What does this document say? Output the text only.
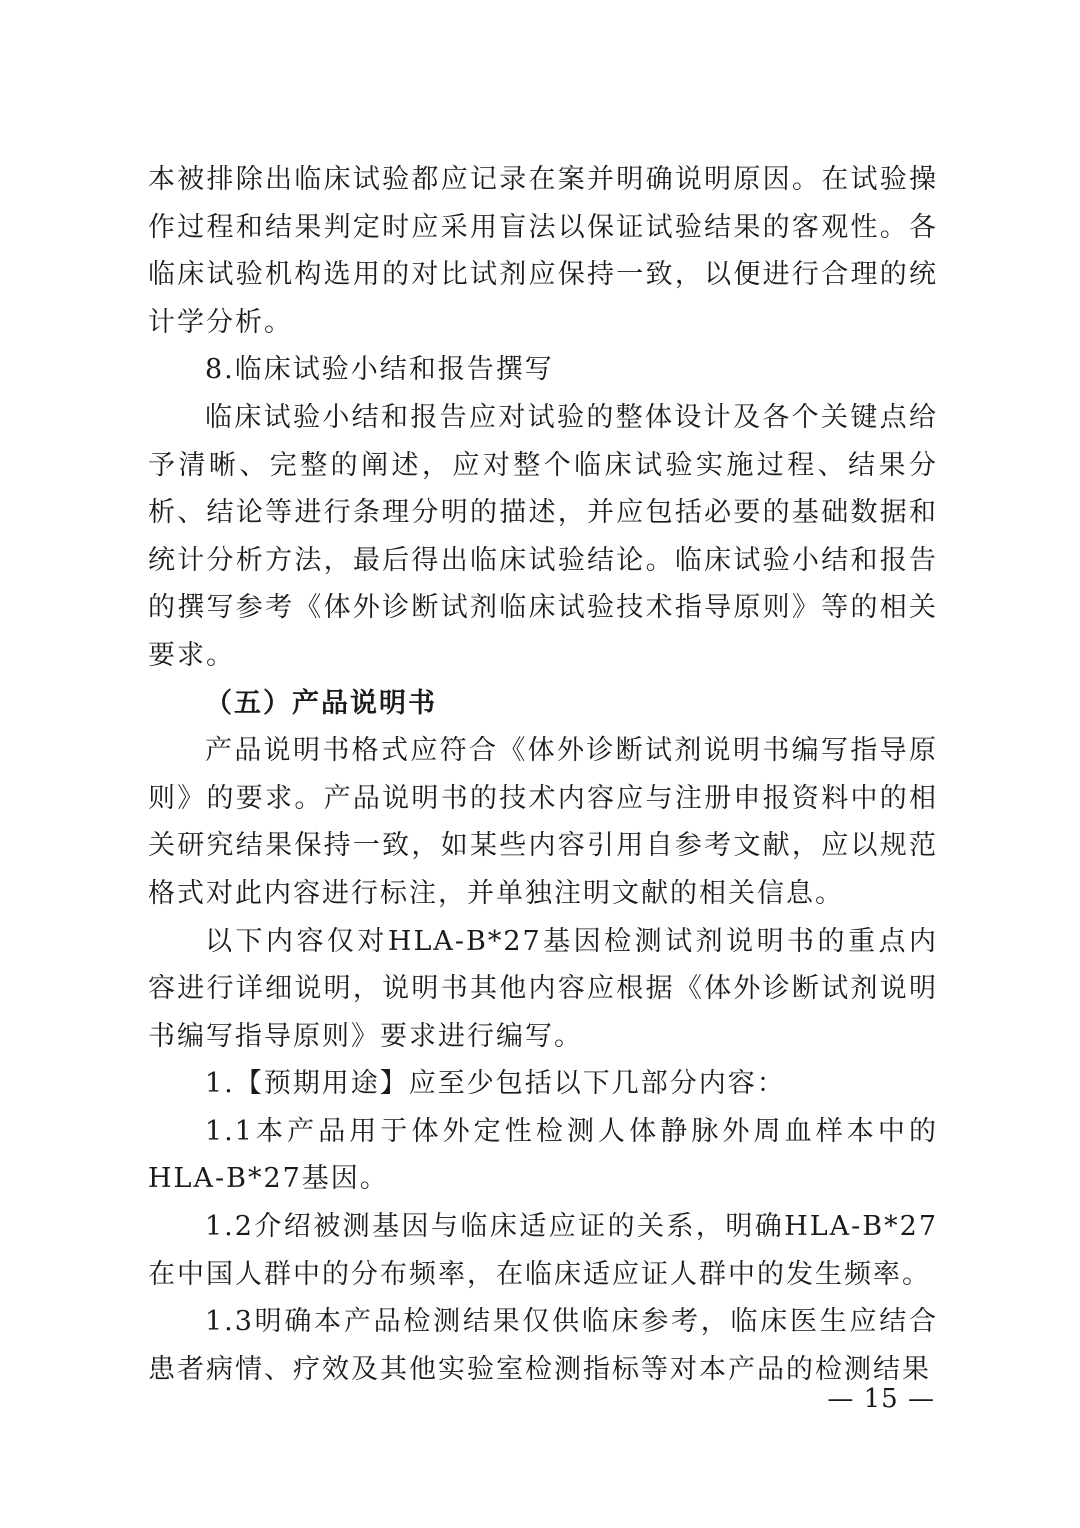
本被排除出临床试验都应记录在案并明确说明原因。在试验操作过程和结果判定时应采用盲法以保证试验结果的客观性。各临床试验机构选用的对比试剂应保持一致，以便进行合理的统计学分析。

8.临床试验小结和报告撰写

临床试验小结和报告应对试验的整体设计及各个关键点给予清晰、完整的阐述，应对整个临床试验实施过程、结果分析、结论等进行条理分明的描述，并应包括必要的基础数据和统计分析方法，最后得出临床试验结论。临床试验小结和报告的撰写参考《体外诊断试剂临床试验技术指导原则》等的相关要求。

（五）产品说明书

产品说明书格式应符合《体外诊断试剂说明书编写指导原则》的要求。产品说明书的技术内容应与注册申报资料中的相关研究结果保持一致，如某些内容引用自参考文献，应以规范格式对此内容进行标注，并单独注明文献的相关信息。

以下内容仅对HLA-B*27基因检测试剂说明书的重点内容进行详细说明，说明书其他内容应根据《体外诊断试剂说明书编写指导原则》要求进行编写。

1.【预期用途】应至少包括以下几部分内容：

1.1本产品用于体外定性检测人体静脉外周血样本中的HLA-B*27基因。

1.2介绍被测基因与临床适应证的关系，明确HLA-B*27在中国人群中的分布频率，在临床适应证人群中的发生频率。

1.3明确本产品检测结果仅供临床参考，临床医生应结合患者病情、疗效及其他实验室检测指标等对本产品的检测结果

— 15 —
